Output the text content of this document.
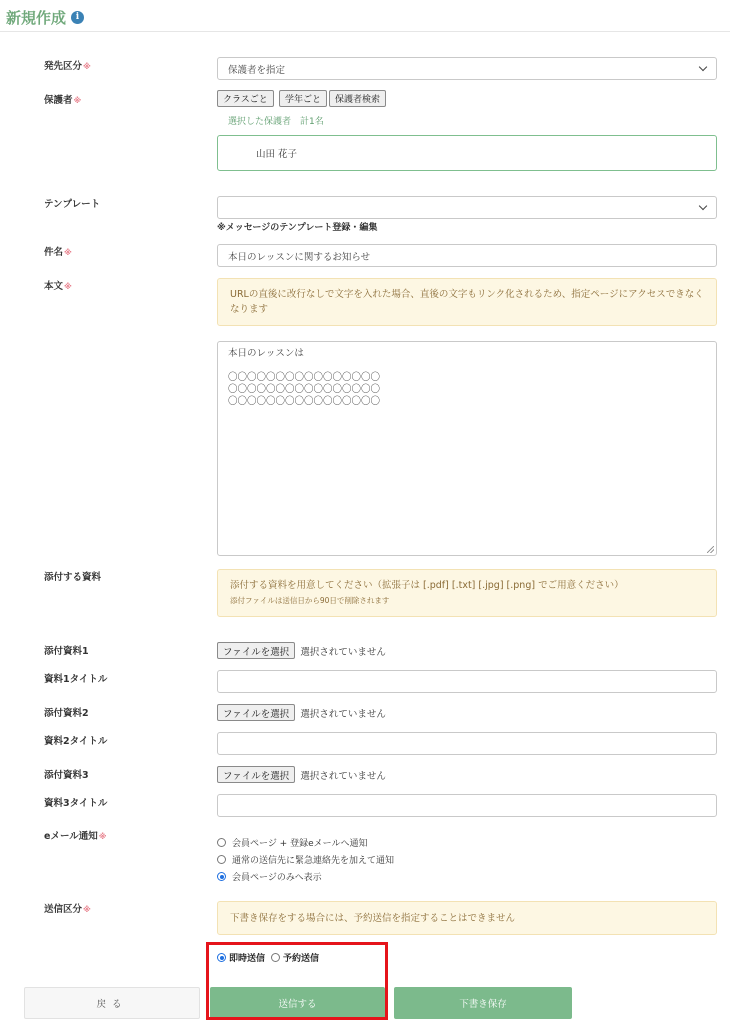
新規作成	i
発先区分※	保護者を指定
保護者※	クラスごと	学年ごと	保護者検索
選択した保護者　計1名
山田 花子
テンプレート
※メッセージのテンプレート登録・編集
件名※	本日のレッスンに関するお知らせ
本文※
URLの直後に改行なしで文字を入れた場合、直後の文字もリンク化されるため、指定ページにアクセスできなくなります
本日のレッスンは

〇〇〇〇〇〇〇〇〇〇〇〇〇〇〇〇
〇〇〇〇〇〇〇〇〇〇〇〇〇〇〇〇
〇〇〇〇〇〇〇〇〇〇〇〇〇〇〇〇
添付する資料
添付する資料を用意してください（拡張子は [.pdf] [.txt] [.jpg] [.png] でご用意ください）
添付ファイルは送信日から90日で削除されます
添付資料1	ファイルを選択	選択されていません
資料1タイトル
添付資料2	ファイルを選択	選択されていません
資料2タイトル
添付資料3	ファイルを選択	選択されていません
資料3タイトル
eメール通知※
会員ページ + 登録eメールへ通知
通常の送信先に緊急連絡先を加えて通知
会員ページのみへ表示
送信区分※
下書き保存をする場合には、予約送信を指定することはできません
即時送信 予約送信
戻る	送信する	下書き保存
